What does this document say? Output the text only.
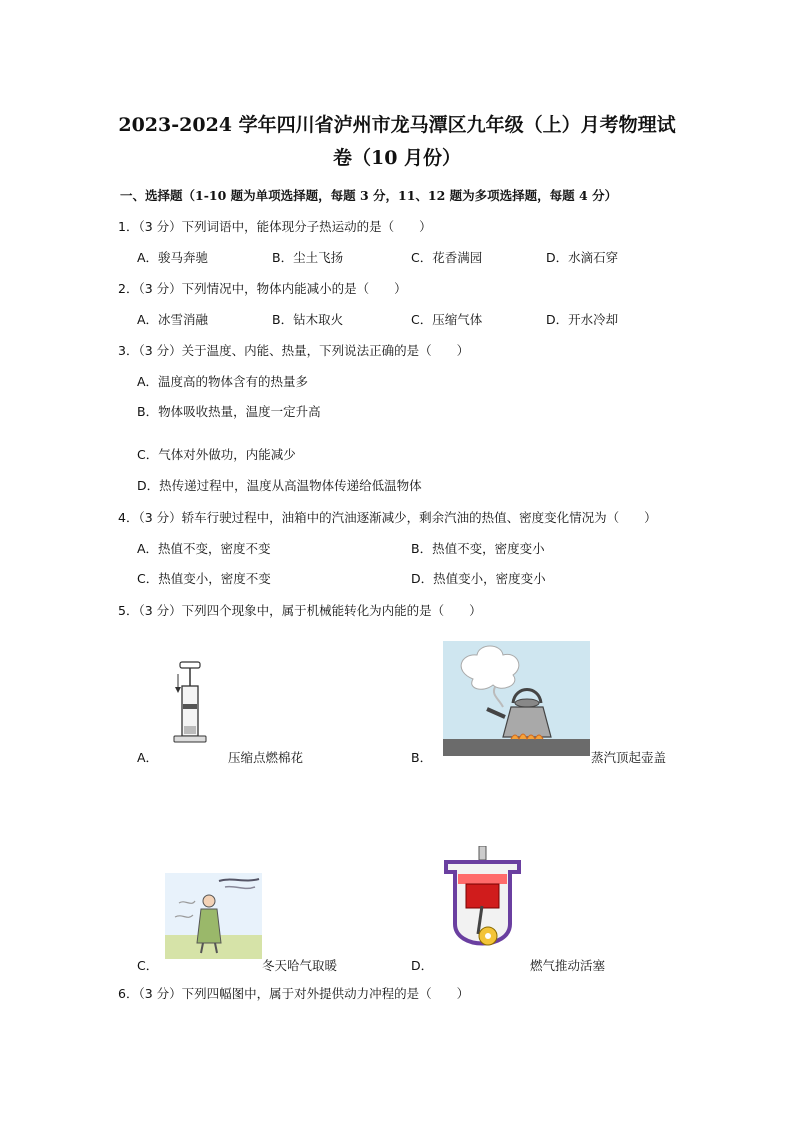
2023-2024 学年四川省泸州市龙马潭区九年级（上）月考物理试
卷（10 月份）
一、选择题（1-10 题为单项选择题，每题 3 分，11、12 题为多项选择题，每题 4 分）
1．（3 分）下列词语中，能体现分子热运动的是（　　）
A．骏马奔驰	B．尘土飞扬	C．花香满园	D．水滴石穿
2．（3 分）下列情况中，物体内能减小的是（　　）
A．冰雪消融	B．钻木取火	C．压缩气体	D．开水冷却
3．（3 分）关于温度、内能、热量，下列说法正确的是（　　）
A．温度高的物体含有的热量多
B．物体吸收热量，温度一定升高
C．气体对外做功，内能减少
D．热传递过程中，温度从高温物体传递给低温物体
4．（3 分）轿车行驶过程中，油箱中的汽油逐渐减少，剩余汽油的热值、密度变化情况为（　　）
A．热值不变，密度不变	B．热值不变，密度变小
C．热值变小，密度不变	D．热值变小，密度变小
5．（3 分）下列四个现象中，属于机械能转化为内能的是（　　）
A．	压缩点燃棉花	B．	蒸汽顶起壶盖
C．	冬天哈气取暖	D．	燃气推动活塞
6．（3 分）下列四幅图中，属于对外提供动力冲程的是（　　）
